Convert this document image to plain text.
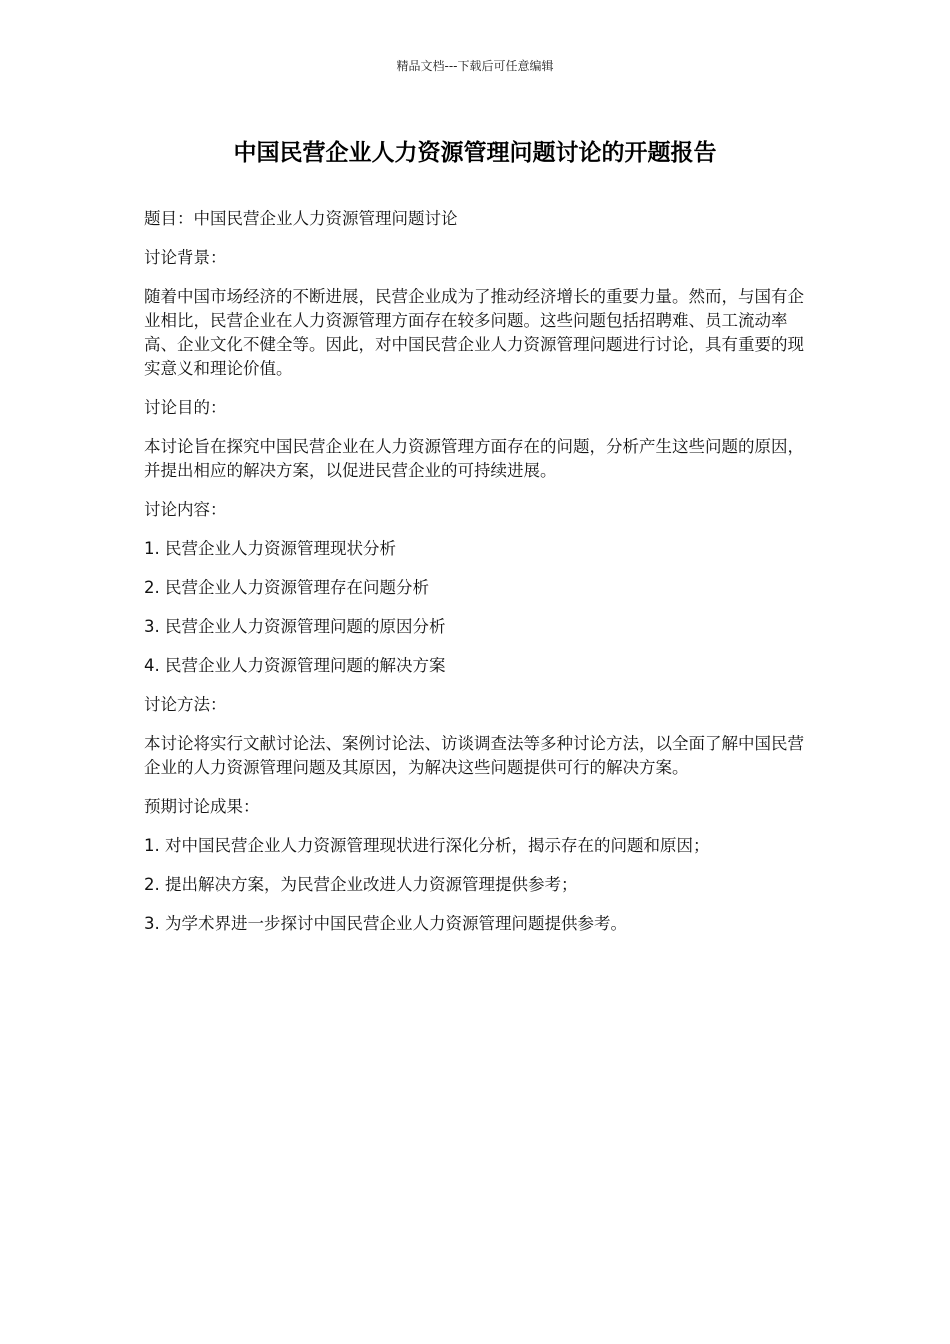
精品文档---下载后可任意编辑
中国民营企业人力资源管理问题讨论的开题报告

题目：中国民营企业人力资源管理问题讨论

讨论背景：

随着中国市场经济的不断进展，民营企业成为了推动经济增长的重要力量。然而，与国有企业相比，民营企业在人力资源管理方面存在较多问题。这些问题包括招聘难、员工流动率高、企业文化不健全等。因此，对中国民营企业人力资源管理问题进行讨论，具有重要的现实意义和理论价值。

讨论目的：

本讨论旨在探究中国民营企业在人力资源管理方面存在的问题，分析产生这些问题的原因，并提出相应的解决方案，以促进民营企业的可持续进展。

讨论内容：

1. 民营企业人力资源管理现状分析

2. 民营企业人力资源管理存在问题分析

3. 民营企业人力资源管理问题的原因分析

4. 民营企业人力资源管理问题的解决方案

讨论方法：

本讨论将实行文献讨论法、案例讨论法、访谈调查法等多种讨论方法，以全面了解中国民营企业的人力资源管理问题及其原因，为解决这些问题提供可行的解决方案。

预期讨论成果：

1. 对中国民营企业人力资源管理现状进行深化分析，揭示存在的问题和原因；

2. 提出解决方案，为民营企业改进人力资源管理提供参考；

3. 为学术界进一步探讨中国民营企业人力资源管理问题提供参考。
